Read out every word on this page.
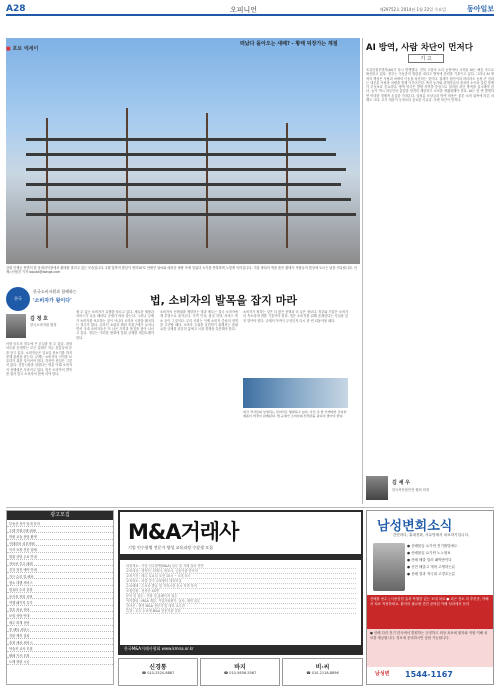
A28	오피니언	제29752호 2014년 1월 22일 수요일	동아일보
■ 포토 에세이
떠났다 돌아오는 새뗴? - 황태 덕장가는 계절
강원 인제군 북면의 한 용대리덕장에서 황태를 말리고 있는 모습입니다. 2월 말까지 밤낮이 영하10℃ 안팎인 날씨와 매서운 바람 속에 얼었다 녹기를 반복하며 노랗게 익어갑니다. 겨울 바다의 색을 품은 황태가 사람들의 밥상에 오르는 날을 기다립니다. 인제=신원건 기자 laputa@donga.com
한국
한국소비자원과 함께하는
'소비자가 왕이다'	법, 소비자의 발목을 잡지 마라
김 정 호
한국소비자원 원장
어떤 마트의 경우에 큰 손실을 볼 수 있다. 대형마트를 운영하는 모든 업체가 의무 휴업일에 문을 닫고 있다. 소비자들은 일요일 장보기를 하지 못해 불편을 겪는다. 규제는 소비자의 이익을 보호하기 위한 것이어야 한다. 하지만 현실은 그렇지 않다. 전통시장을 살린다는 명분 아래 소비자의 선택권은 사라지고 있다. 법은 소비자의 발목을 잡지 말고 소비자의 편에 서야 한다.
셀 수 없는 소비자가 유행을 따르고 있다. 새로운 제품과 서비스가 나올 때마다 규제가 따라 붙는다. 그러나 규제가 소비자를 보호하는 것이 아니라 오히려 시장을 왜곡하는 경우가 많다. 온라인 쇼핑과 해외 직접구매가 늘어나면서 국내 소비자들은 더 나은 가격과 품질을 찾아 나서고 있다. 정부는 이러한 변화에 맞춰 규제를 재검토해야 한다.
소비자의 선택권을 제한하는 법과 제도는 결국 소비자에게 부담으로 돌아온다. 가격 인상, 품질 저하, 서비스 축소 등이 그것이다. 우리 사회는 이제 소비자 중심의 정책을 고민할 때다. 소비자 주권을 실현하기 위해서는 불필요한 규제를 과감히 없애고 시장 경쟁을 촉진해야 한다.
소비자가 원하는 것은 더 많은 선택과 더 나은 정보다. 정부와 기업은 소비자의 목소리에 귀를 기울여야 한다. 법은 소비자를 위해 존재한다는 사실을 잊지 말아야 한다. 규제의 목적이 무엇인지 다시 한 번 되돌아볼 때다.
외국 작가들의 상영되는 빈자리로 행렬하고 있다. 사진 속 한 가게에선 금지한 제품이 버젓이 판매된다. 법 규제가 소비자의 선택권을 좁히지 말아야 한다.
AI 방역, 사람 차단이 먼저다
기 고
조류인플루엔자(AI)가 다시 발생했다. 전북 고창의 오리 농장에서 시작된 AI는 빠른 속도로 확산되고 있다. 정부는 이동중지 명령을 내리고 방역에 총력을 기울이고 있다. 그러나 AI 방역의 핵심은 사람과 차량의 이동을 차단하는 것이다. 철새가 원인이라 하더라도 농장 간 전파는 대부분 사람과 차량을 통해 이루어진다. 축산 농가와 관계자들의 철저한 소독과 출입 통제가 무엇보다 중요하다. 방역 당국은 발생 지역을 중심으로 철저한 차단 방역을 실시해야 한다. 농가 역시 외부인의 출입을 엄격히 제한하고 소독을 생활화해야 한다. AI는 한 번 발생하면 막대한 경제적 손실을 가져온다. 살처분 보상금과 방역 비용은 물론 소비 위축에 따른 피해도 크다. 초기 대응이 무엇보다 중요한 이유다. 사람 차단이 먼저다.
김 세 우
한국축산물안전 협회 회장
광고모집
부동산 상가 임대 문의
주택 전원주택 매매
학원 교습 상담 환영
인테리어 리모델링
이사 포장 전문 업체
법률 상담 무료 안내
자동차 중고 매매
건강 검진 예약 안내
가구 수리 및 배송
청소 대행 서비스
컴퓨터 수리 출장
음식점 창업 상담
여행 패키지 특가
결혼 정보 상담
보험 상담 안내
세무 회계 상담
꽃 배달 서비스
간판 제작 설치
출장 세차 서비스
학습지 교사 모집
택배 기사 모집
도배 장판 시공
M&A거래사
기업 인수합병 전문가 양성 교육과정 수강생 모집
과정개요 : 기업 인수합병(M&A) 실무 및 거래 절차 전반
교육대상 : 경영인, 회계사, 변호사, 금융기관 종사자
교육기간 : 매주 토요일 오전 10시 ~ 오후 5시
교육장소 : 서울 중구 교육센터 대강의실
수료혜택 : 수료증 발급 및 자격시험 응시 자격 부여
모집인원 : 선착순 40명
문의 및 접수 : 전화 및 홈페이지 접수
커리큘럼 : M&A 개론, 기업가치평가, 실사, 계약 실무
강사진 : 현직 M&A 전문가 및 대학 교수진
특전 : 우수 수료생 M&A 전문기관 추천
한국M&A거래사협회 www.kmna.or.kr
남성변회소식
간단하다, 휴대전화, 사무망에서 치료하기입니다.
● 산배몰입 요가만 전기환법에도
● 산배몰입 요가만 노노형보
● 산배 배출 밀러 패박만이다
● 산전 배출고 개혁 고생하는분
● 산배 결과 적극대 고경호는분
산배를 용수 | 사용감한 효과 탁월한 있는 조대 치료 ● 피곤 전소 의 추진중, 약해서 치료 적성하세요. 환자의 필요할 중간 준비된 이해 성과에서 문의
● 산배 다리 전기 한국에서 발원하는 규정하고 외상 치료에 환자와 적합 이해 치료를 제공합니다. 정보에 문의하시면 상담 가능합니다.
남성변 1544-1167
신경통
☎ 010-2520-8887
바지
☎ 010-5656-5567
비·씨
☎ 010-2118-8896
